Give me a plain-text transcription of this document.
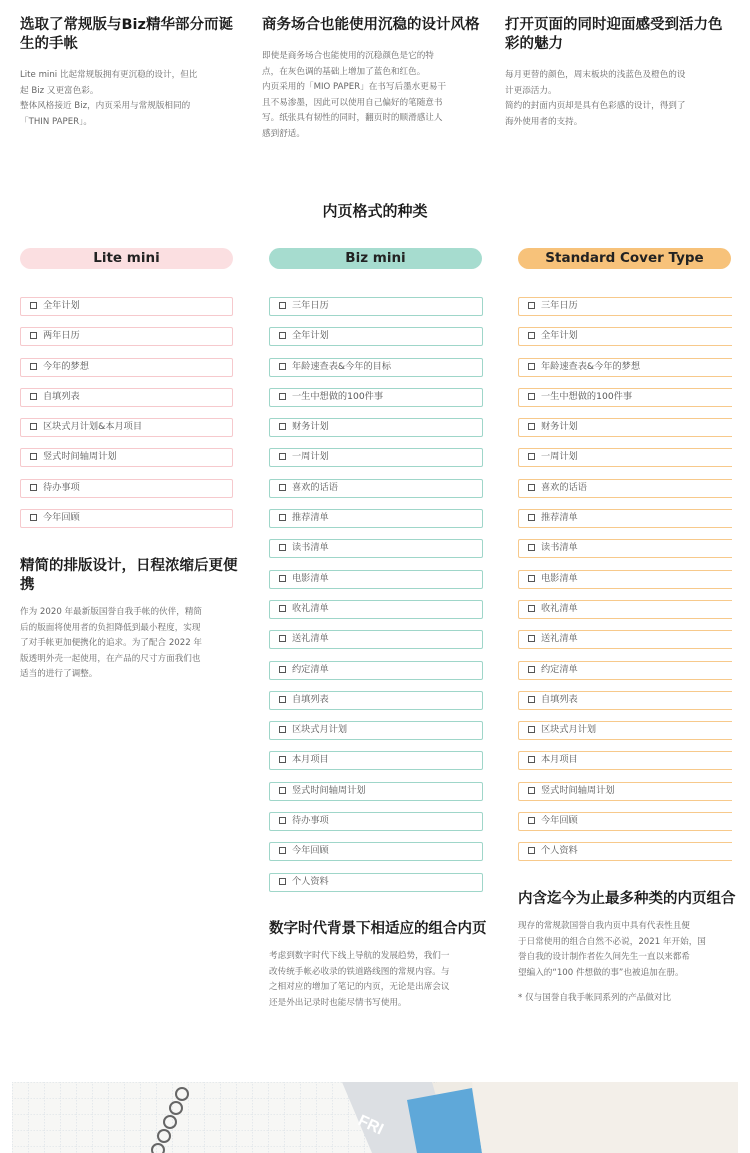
选取了常规版与Biz精华部分而诞生的手帐

Lite mini 比起常规版拥有更沉稳的设计，但比
起 Biz 又更富色彩。
整体风格接近 Biz，内页采用与常规版相同的
「THIN PAPER」。

商务场合也能使用沉稳的设计风格

即使是商务场合也能使用的沉稳颜色是它的特
点，在灰色调的基础上增加了蓝色和红色。
内页采用的「MIO PAPER」在书写后墨水更易干
且不易渗墨，因此可以使用自己偏好的笔随意书
写。纸张具有韧性的同时，翻页时的顺滑感让人
感到舒适。

打开页面的同时迎面感受到活力色彩的魅力

每月更替的颜色，周末板块的浅蓝色及橙色的设
计更添活力。
简约的封面内页却是具有色彩感的设计，得到了
海外使用者的支持。

内页格式的种类
Lite mini	Biz mini	Standard Cover Type
全年计划
两年日历
今年的梦想
自填列表
区块式月计划&本月项目
竖式时间轴周计划
待办事项
今年回顾
三年日历
全年计划
年龄速查表&今年的目标
一生中想做的100件事
财务计划
一周计划
喜欢的话语
推荐清单
读书清单
电影清单
收礼清单
送礼清单
约定清单
自填列表
区块式月计划
本月项目
竖式时间轴周计划
待办事项
今年回顾
个人资料
三年日历
全年计划
年龄速查表&今年的梦想
一生中想做的100件事
财务计划
一周计划
喜欢的话语
推荐清单
读书清单
电影清单
收礼清单
送礼清单
约定清单
自填列表
区块式月计划
本月项目
竖式时间轴周计划
今年回顾
个人资料
精简的排版设计，日程浓缩后更便携

作为 2020 年最新版国誉自我手帐的伙伴，精简
后的版面将使用者的负担降低到最小程度，实现
了对手帐更加便携化的追求。为了配合 2022 年
版透明外壳一起使用，在产品的尺寸方面我们也
适当的进行了调整。

数字时代背景下相适应的组合内页

考虑到数字时代下线上导航的发展趋势，我们一
改传统手帐必收录的铁道路线图的常规内容。与
之相对应的增加了笔记的内页，无论是出席会议
还是外出记录时也能尽情书写使用。

内含迄今为止最多种类的内页组合

现存的常规款国誉自我内页中具有代表性且便
于日常使用的组合自然不必说，2021 年开始，国
誉自我的设计制作者佐久间先生一直以来都希
望编入的“100 件想做的事”也被追加在册。

* 仅与国誉自我手帐同系列的产品做对比

FRI
